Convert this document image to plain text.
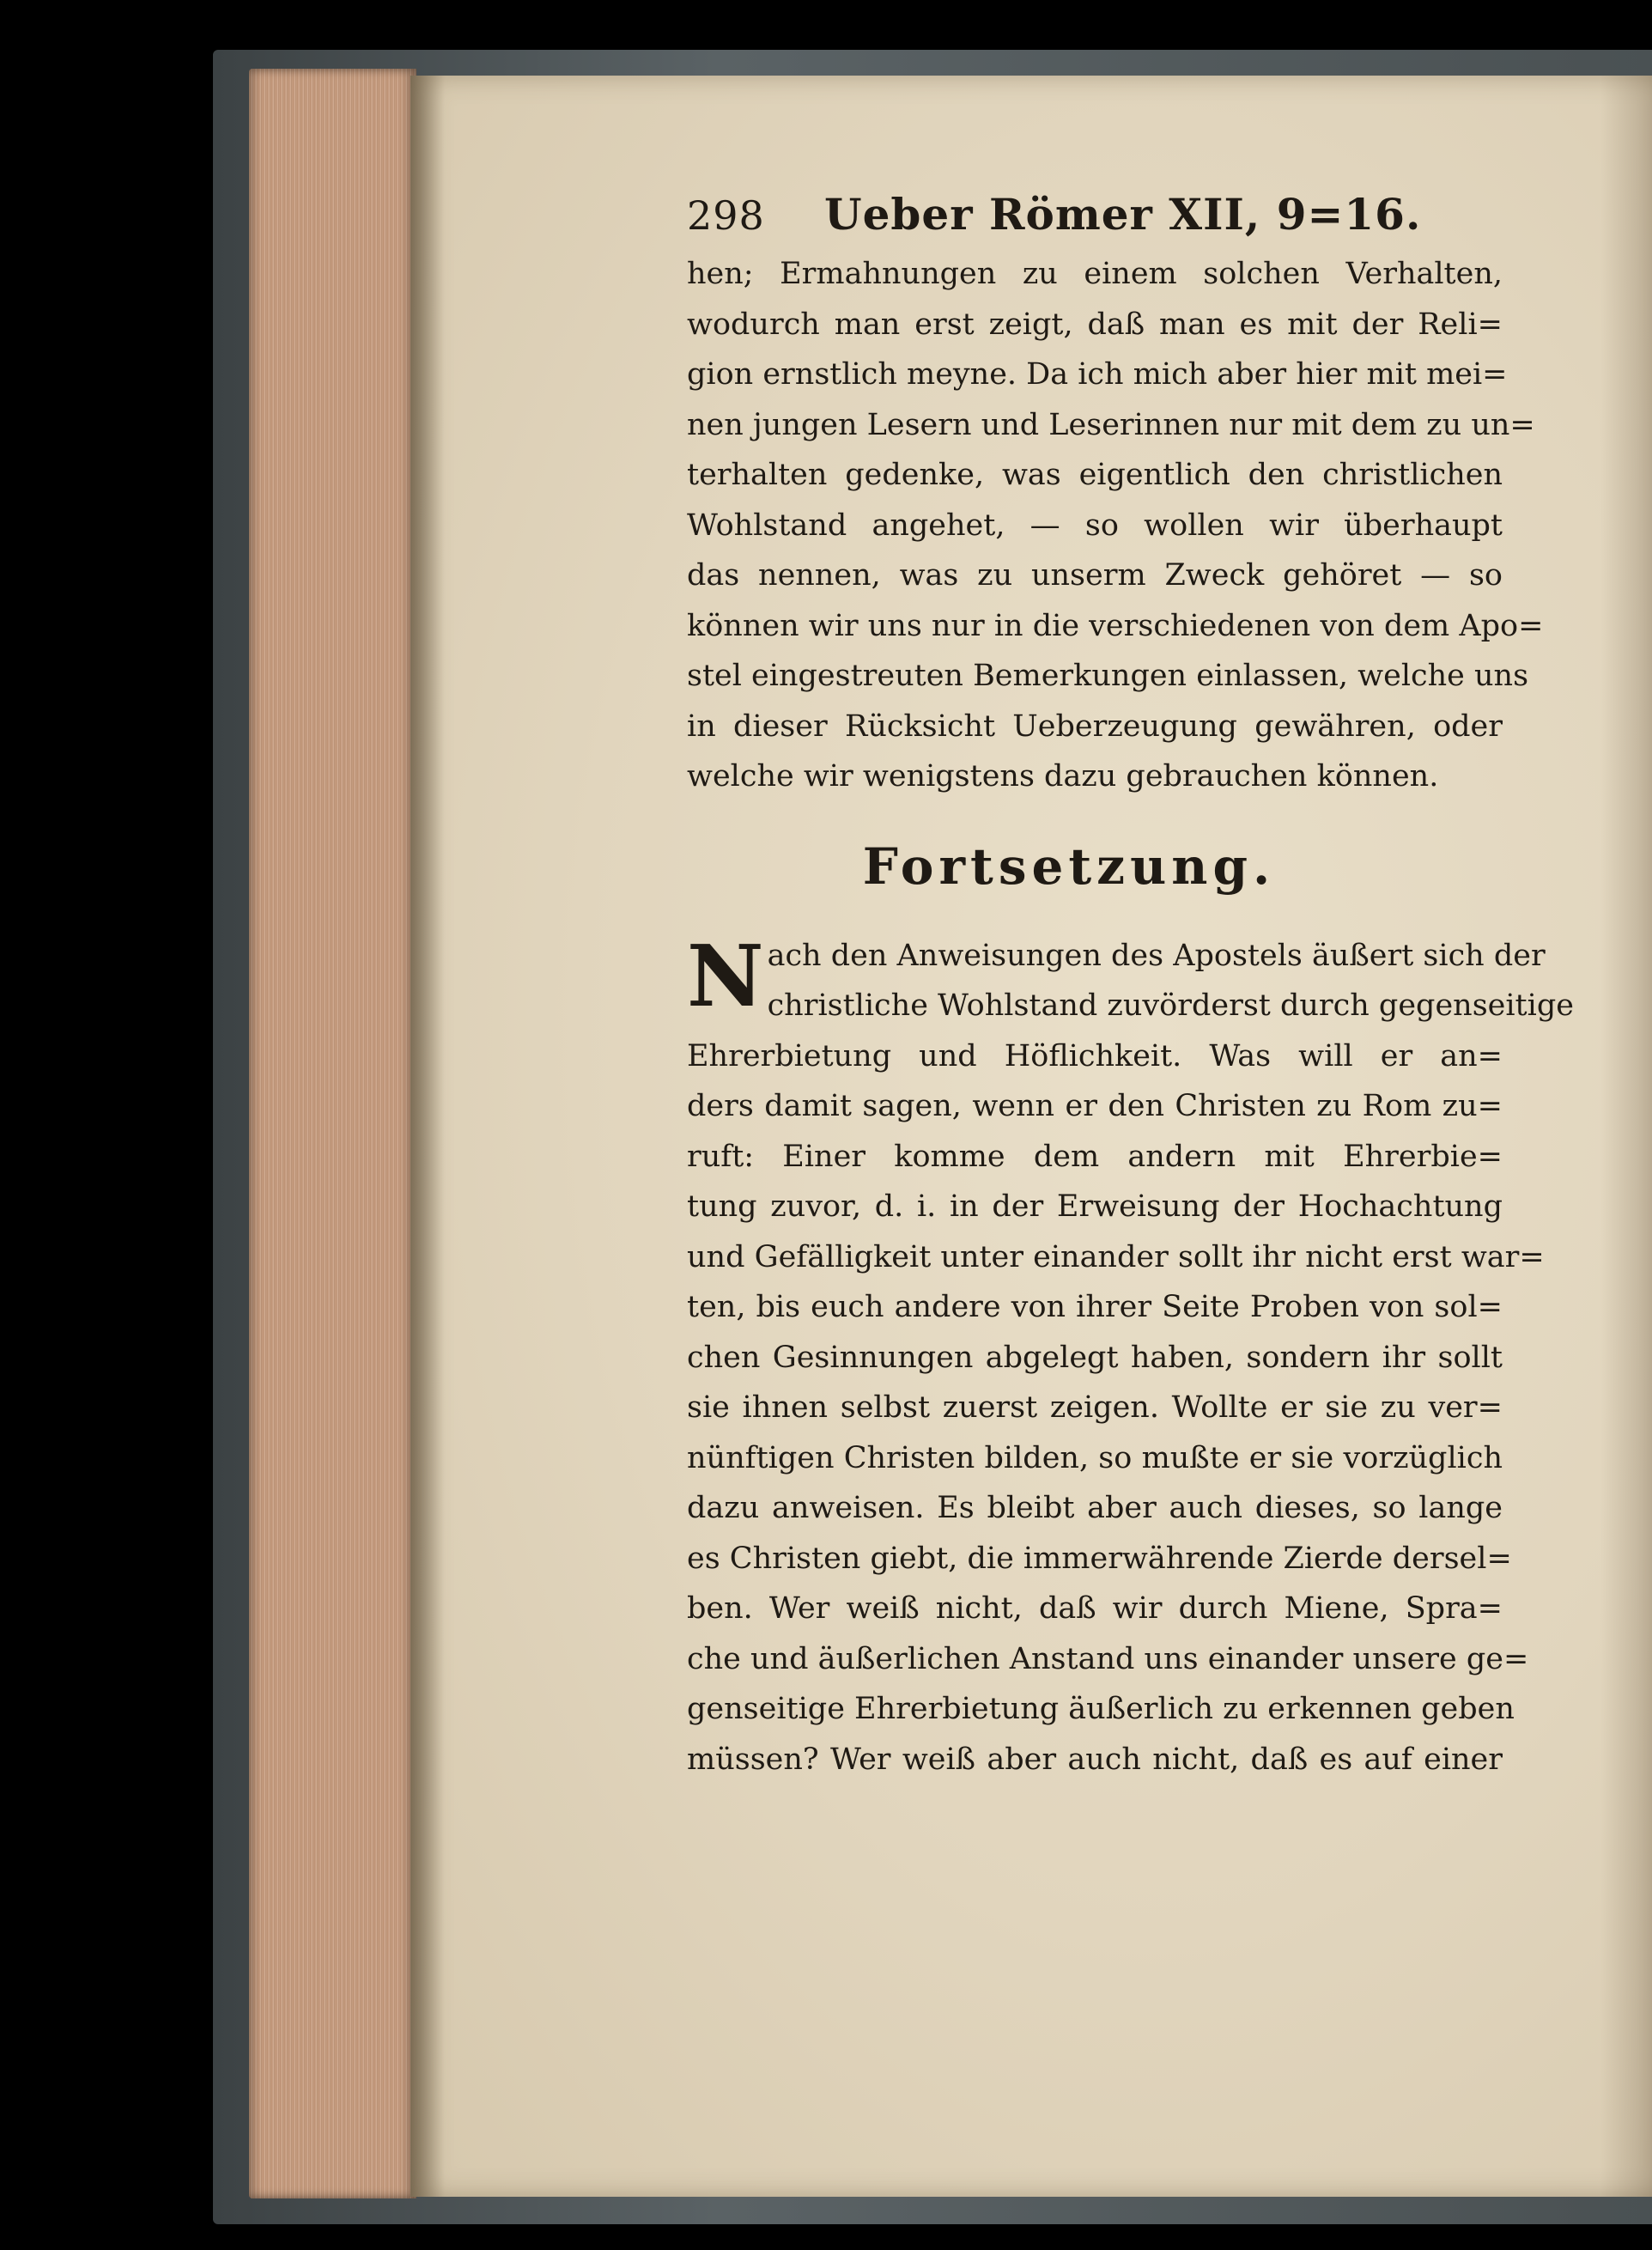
298	Ueber Römer XII, 9=16.
hen; Ermahnungen zu einem solchen Verhalten,
wodurch man erst zeigt, daß man es mit der Reli=
gion ernstlich meyne. Da ich mich aber hier mit mei=
nen jungen Lesern und Leserinnen nur mit dem zu un=
terhalten gedenke, was eigentlich den christlichen
Wohlstand angehet, — so wollen wir überhaupt
das nennen, was zu unserm Zweck gehöret — so
können wir uns nur in die verschiedenen von dem Apo=
stel eingestreuten Bemerkungen einlassen, welche uns
in dieser Rücksicht Ueberzeugung gewähren, oder
welche wir wenigstens dazu gebrauchen können.
Fortsetzung.
N ach den Anweisungen des Apostels äußert sich der
christliche Wohlstand zuvörderst durch gegenseitige
Ehrerbietung und Höflichkeit. Was will er an=
ders damit sagen, wenn er den Christen zu Rom zu=
ruft: Einer komme dem andern mit Ehrerbie=
tung zuvor, d. i. in der Erweisung der Hochachtung
und Gefälligkeit unter einander sollt ihr nicht erst war=
ten, bis euch andere von ihrer Seite Proben von sol=
chen Gesinnungen abgelegt haben, sondern ihr sollt
sie ihnen selbst zuerst zeigen. Wollte er sie zu ver=
nünftigen Christen bilden, so mußte er sie vorzüglich
dazu anweisen. Es bleibt aber auch dieses, so lange
es Christen giebt, die immerwährende Zierde dersel=
ben. Wer weiß nicht, daß wir durch Miene, Spra=
che und äußerlichen Anstand uns einander unsere ge=
genseitige Ehrerbietung äußerlich zu erkennen geben
müssen? Wer weiß aber auch nicht, daß es auf einer
